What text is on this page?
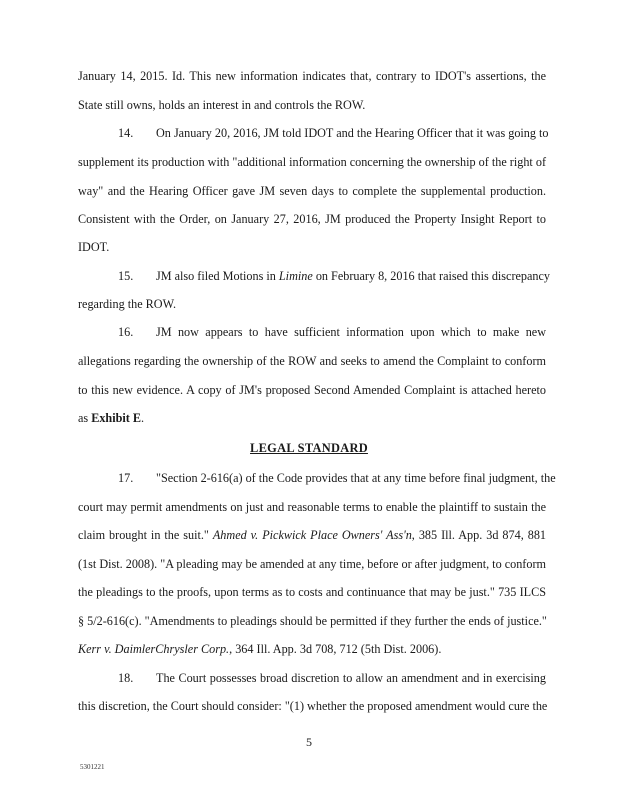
January 14, 2015. Id. This new information indicates that, contrary to IDOT's assertions, the
State still owns, holds an interest in and controls the ROW.
14. On January 20, 2016, JM told IDOT and the Hearing Officer that it was going to
supplement its production with "additional information concerning the ownership of the right of
way" and the Hearing Officer gave JM seven days to complete the supplemental production.
Consistent with the Order, on January 27, 2016, JM produced the Property Insight Report to
IDOT.
15. JM also filed Motions in Limine on February 8, 2016 that raised this discrepancy
regarding the ROW.
16. JM now appears to have sufficient information upon which to make new
allegations regarding the ownership of the ROW and seeks to amend the Complaint to conform
to this new evidence. A copy of JM's proposed Second Amended Complaint is attached hereto
as Exhibit E.
LEGAL STANDARD
17. "Section 2-616(a) of the Code provides that at any time before final judgment, the
court may permit amendments on just and reasonable terms to enable the plaintiff to sustain the
claim brought in the suit." Ahmed v. Pickwick Place Owners' Ass'n, 385 Ill. App. 3d 874, 881
(1st Dist. 2008). "A pleading may be amended at any time, before or after judgment, to conform
the pleadings to the proofs, upon terms as to costs and continuance that may be just." 735 ILCS
§ 5/2-616(c). "Amendments to pleadings should be permitted if they further the ends of justice."
Kerr v. DaimlerChrysler Corp., 364 Ill. App. 3d 708, 712 (5th Dist. 2006).
18. The Court possesses broad discretion to allow an amendment and in exercising
this discretion, the Court should consider: "(1) whether the proposed amendment would cure the
5
5301221
